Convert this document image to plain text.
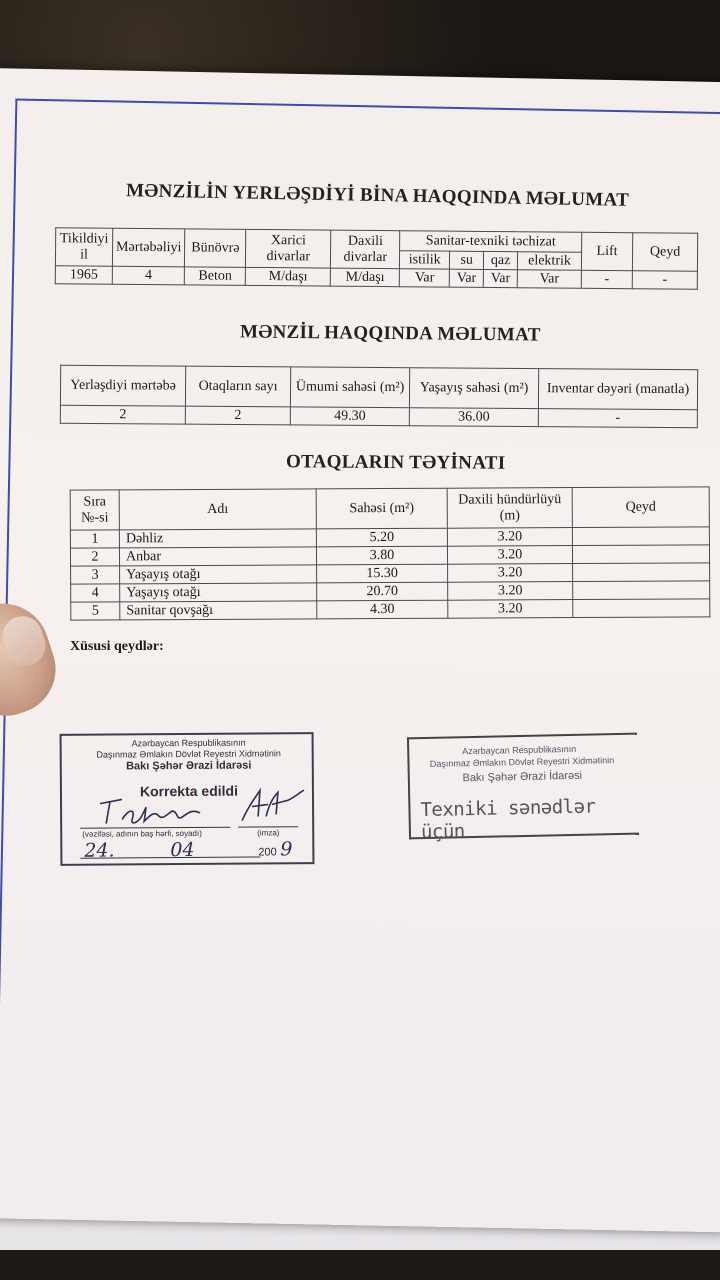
MƏNZİLİN YERLƏŞDİYİ BİNA HAQQINDA MƏLUMAT
Tikildiyi il	Mərtəbəliyi	Bünövrə	Xarici divarlar	Daxili divarlar	Sanitar-texniki təchizat				Lift	Qeyd
					istilik	su	qaz	elektrik		
1965	4	Beton	M/daşı	M/daşı	Var	Var	Var	Var	-	-
MƏNZİL HAQQINDA MƏLUMAT
Yerləşdiyi mərtəbə	Otaqların sayı	Ümumi sahəsi (m²)	Yaşayış sahəsi (m²)	Inventar dəyəri (manatla)
2	2	49.30	36.00	-
OTAQLARIN TƏYİNATI
Sıra №-si	Adı	Sahəsi (m²)	Daxili hündürlüyü (m)	Qeyd
1	Dəhliz	5.20	3.20	
2	Anbar	3.80	3.20	
3	Yaşayış otağı	15.30	3.20	
4	Yaşayış otağı	20.70	3.20	
5	Sanitar qovşağı	4.30	3.20	
Xüsusi qeydlər:
Azərbaycan Respublikasının
Daşınmaz Əmlakın Dövlət Reyestri Xidmətinin
Bakı Şəhər Ərazi İdarəsi
Korrekta edildi
(vəzifəsi, adının baş hərfi, soyadı)	(imza)
24.	04	200 9
Azərbaycan Respublikasının
Daşınmaz Əmlakın Dövlət Reyestri Xidmətinin
Bakı Şəhər Ərazi İdarəsi
Texniki sənədlər üçün
